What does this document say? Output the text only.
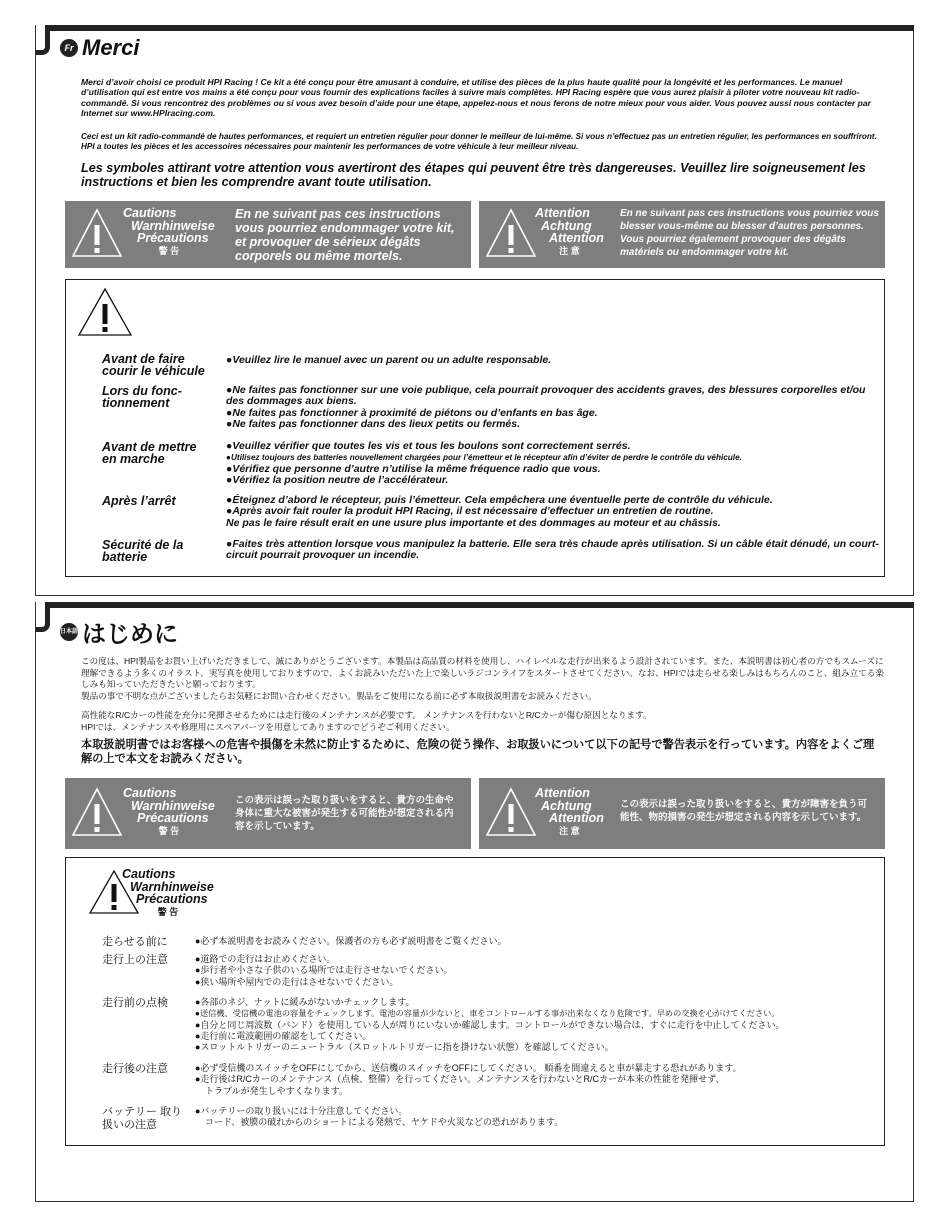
Fr Merci
Merci d’avoir choisi ce produit HPI Racing ! Ce kit a été conçu pour être amusant à conduire, et utilise des pièces de la plus haute qualité pour la longévité et les performances. Le manuel d’utilisation qui est entre vos mains a été conçu pour vous fournir des explications faciles à suivre mais complètes. HPI Racing espère que vous aurez plaisir à piloter votre nouveau kit radio-commandé. Si vous rencontrez des problèmes ou si vous avez besoin d’aide pour une étape, appelez-nous et nous ferons de notre mieux pour vous aider. Vous pouvez aussi nous contacter par Internet sur www.HPIracing.com.
Ceci est un kit radio-commandé de hautes performances, et requiert un entretien régulier pour donner le meilleur de lui-même. Si vous n’effectuez pas un entretien régulier, les performances en souffriront. HPI a toutes les pièces et les accessoires nécessaires pour maintenir les performances de votre véhicule à leur meilleur niveau.
Les symboles attirant votre attention vous avertiront des étapes qui peuvent être très dangereuses. Veuillez lire soigneusement les instructions et bien les comprendre avant toute utilisation.
Cautions
Warnhinweise
Précautions
警 告
En ne suivant pas ces instructions vous pourriez endommager votre kit, et provoquer de sérieux dégâts corporels ou même mortels.
Attention
Achtung
Attention
注 意
En ne suivant pas ces instructions vous pourriez vous blesser vous-même ou blesser d’autres personnes. Vous pourriez également provoquer des dégâts matériels ou endommager votre kit.
Avant de faire courir le véhicule
●Veuillez lire le manuel avec un parent ou un adulte responsable.
Lors du fonc-tionnement
●Ne faites pas fonctionner sur une voie publique, cela pourrait provoquer des accidents graves, des blessures corporelles et/ou des dommages aux biens.
●Ne faites pas fonctionner à proximité de piétons ou d’enfants en bas âge.
●Ne faites pas fonctionner dans des lieux petits ou fermés.
Avant de mettre en marche
●Veuillez vérifier que toutes les vis et tous les boulons sont correctement serrés.
●Utilisez toujours des batteries nouvellement chargées pour l’émetteur et le récepteur afin d’éviter de perdre le contrôle du véhicule.
●Vérifiez que personne d’autre n’utilise la même fréquence radio que vous.
●Vérifiez la position neutre de l’accélérateur.
Après l’arrêt	●Éteignez d’abord le récepteur, puis l’émetteur. Cela empêchera une éventuelle perte de contrôle du véhicule.
●Après avoir fait rouler la produit HPI Racing, il est nécessaire d’effectuer un entretien de routine.
Ne pas le faire résult erait en une usure plus importante et des dommages au moteur et au châssis.
Sécurité de la batterie
●Faites très attention lorsque vous manipulez la batterie. Elle sera très chaude après utilisation. Si un câble était dénudé, un court-circuit pourrait provoquer un incendie.
日本語 はじめに
この度は、HPI製品をお買い上げいただきまして、誠にありがとうございます。本製品は高品質の材料を使用し、ハイレベルな走行が出来るよう設計されています。また、本説明書は初心者の方でもスムーズに理解できるよう多くのイラスト、実写真を使用しておりますので、よくお読みいただいた上で楽しいラジコンライフをスタートさせてください。なお、HPIでは走らせる楽しみはもちろんのこと、組み立てる楽しみも知っていただきたいと願っております。
製品の事で不明な点がございましたらお気軽にお問い合わせください。製品をご使用になる前に必ず本取扱説明書をお読みください。
高性能なR/Cカーの性能を充分に発揮させるためには走行後のメンテナンスが必要です。 メンテナンスを行わないとR/Cカーが傷む原因となります。
HPIでは、メンテナンスや修理用にスペアパーツを用意してありますのでどうぞご利用ください。
本取扱説明書ではお客様への危害や損傷を未然に防止するために、危険の従う操作、お取扱いについて以下の記号で警告表示を行っています。内容をよくご理解の上で本文をお読みください。
Cautions
Warnhinweise
Précautions
警 告
この表示は誤った取り扱いをすると、貴方の生命や身体に重大な被害が発生する可能性が想定される内容を示しています。
Attention
Achtung
Attention
注 意
この表示は誤った取り扱いをすると、貴方が障害を負う可能性、物的損害の発生が想定される内容を示しています。
Cautions
Warnhinweise
Précautions
警 告
走らせる前に	●必ず本説明書をお読みください。保護者の方も必ず説明書をご覧ください。
走行上の注意	●道路での走行はお止めください。
●歩行者や小さな子供のいる場所では走行させないでください。
●狭い場所や屋内での走行はさせないでください。
走行前の点検	●各部のネジ、ナットに緩みがないかチェックします。
●送信機、受信機の電池の容量をチェックします。電池の容量が少ないと、車をコントロールする事が出来なくなり危険です。早めの交換を心がけてください。
●自分と同じ周波数（バンド）を使用している人が周りにいないか確認します。コントロールができない場合は、すぐに走行を中止してください。
●走行前に電波範囲の確認をしてください。
●スロットルトリガーのニュートラル（スロットルトリガーに指を掛けない状態）を確認してください。
走行後の注意	●必ず受信機のスイッチをOFFにしてから、送信機のスイッチをOFFにしてください。 順番を間違えると車が暴走する恐れがあります。
●走行後はR/Cカーのメンテナンス（点検、整備）を行ってください。メンテナンスを行わないとR/Cカーが本来の性能を発揮せず、
トラブルが発生しやすくなります。
バッテリー 取り扱いの注意
●バッテリーの取り扱いには十分注意してください。
コード、被膜の破れからのショートによる発熱で、ヤケドや火災などの恐れがあります。
